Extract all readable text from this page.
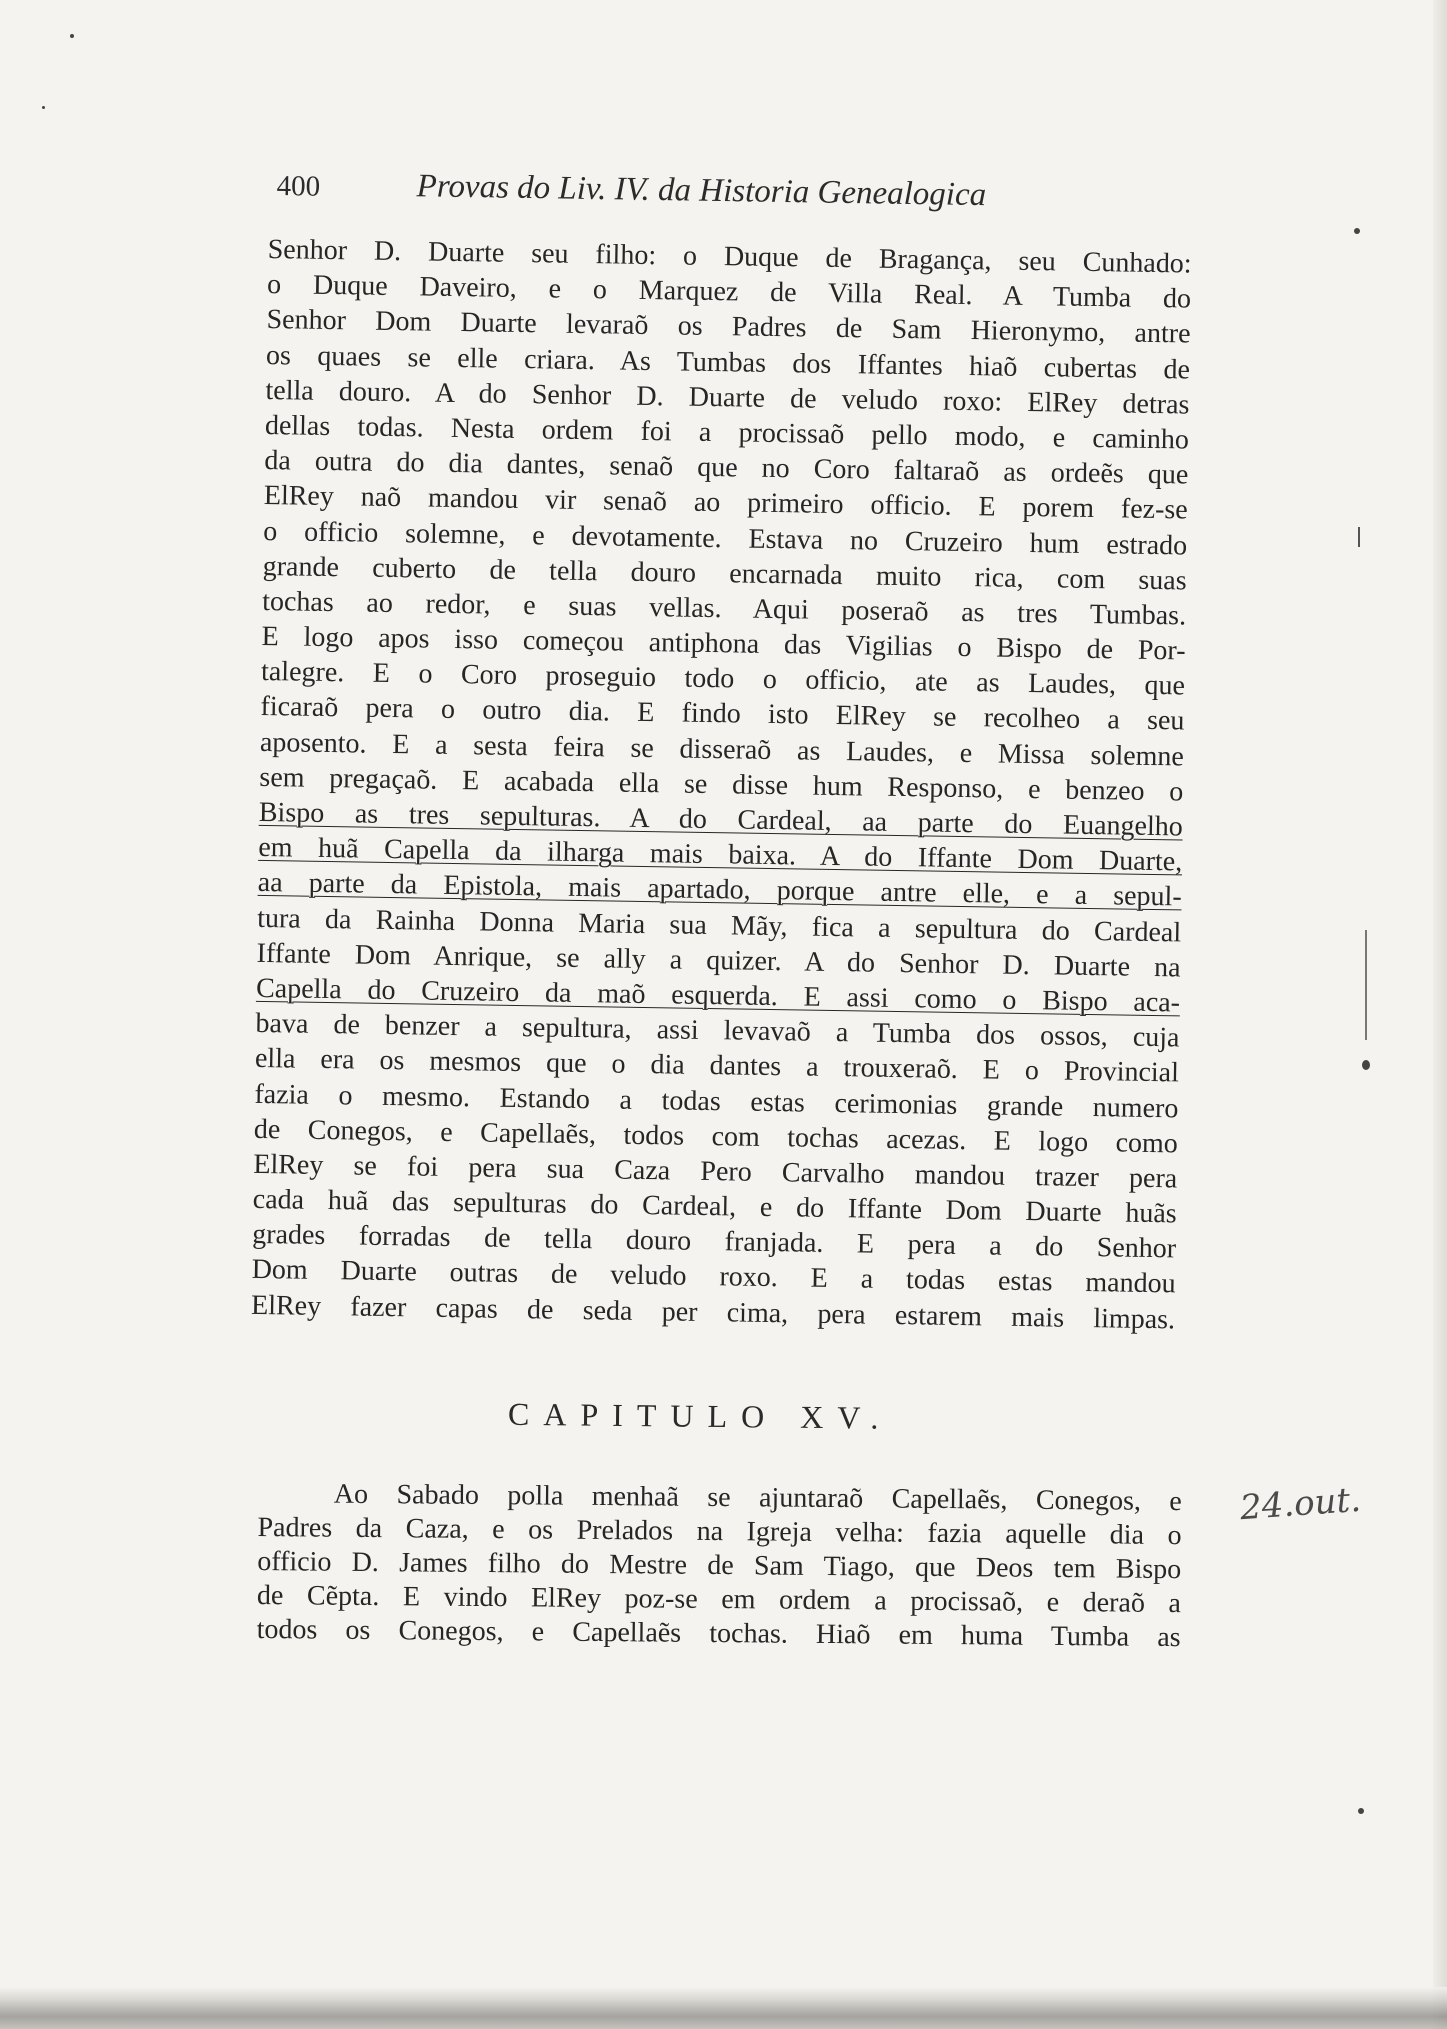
400	Provas do Liv. IV. da Historia Genealogica
Senhor D. Duarte seu filho: o Duque de Bragança, seu Cunhado:
o Duque Daveiro, e o Marquez de Villa Real. A Tumba do
Senhor Dom Duarte levaraõ os Padres de Sam Hieronymo, antre
os quaes se elle criara. As Tumbas dos Iffantes hiaõ cubertas de
tella douro. A do Senhor D. Duarte de veludo roxo: ElRey detras
dellas todas. Nesta ordem foi a procissaõ pello modo, e caminho
da outra do dia dantes, senaõ que no Coro faltaraõ as ordeẽs que
ElRey naõ mandou vir senaõ ao primeiro officio. E porem fez-se
o officio solemne, e devotamente. Estava no Cruzeiro hum estrado
grande cuberto de tella douro encarnada muito rica, com suas
tochas ao redor, e suas vellas. Aqui poseraõ as tres Tumbas.
E logo apos isso começou antiphona das Vigilias o Bispo de Por-
talegre. E o Coro proseguio todo o officio, ate as Laudes, que
ficaraõ pera o outro dia. E findo isto ElRey se recolheo a seu
aposento. E a sesta feira se disseraõ as Laudes, e Missa solemne
sem pregaçaõ. E acabada ella se disse hum Responso, e benzeo o
Bispo as tres sepulturas. A do Cardeal, aa parte do Euangelho
em huã Capella da ilharga mais baixa. A do Iffante Dom Duarte,
aa parte da Epistola, mais apartado, porque antre elle, e a sepul-
tura da Rainha Donna Maria sua Mãy, fica a sepultura do Cardeal
Iffante Dom Anrique, se ally a quizer. A do Senhor D. Duarte na
Capella do Cruzeiro da maõ esquerda. E assi como o Bispo aca-
bava de benzer a sepultura, assi levavaõ a Tumba dos ossos, cuja
ella era os mesmos que o dia dantes a trouxeraõ. E o Provincial
fazia o mesmo. Estando a todas estas cerimonias grande numero
de Conegos, e Capellaẽs, todos com tochas acezas. E logo como
ElRey se foi pera sua Caza Pero Carvalho mandou trazer pera
cada huã das sepulturas do Cardeal, e do Iffante Dom Duarte huãs
grades forradas de tella douro franjada. E pera a do Senhor
Dom Duarte outras de veludo roxo. E a todas estas mandou
ElRey fazer capas de seda per cima, pera estarem mais limpas.
CAPITULO XV.
Ao Sabado polla menhaã se ajuntaraõ Capellaẽs, Conegos, e
Padres da Caza, e os Prelados na Igreja velha: fazia aquelle dia o
officio D. James filho do Mestre de Sam Tiago, que Deos tem Bispo
de Cẽpta. E vindo ElRey poz-se em ordem a procissaõ, e deraõ a
todos os Conegos, e Capellaẽs tochas. Hiaõ em huma Tumba as
24.out.
